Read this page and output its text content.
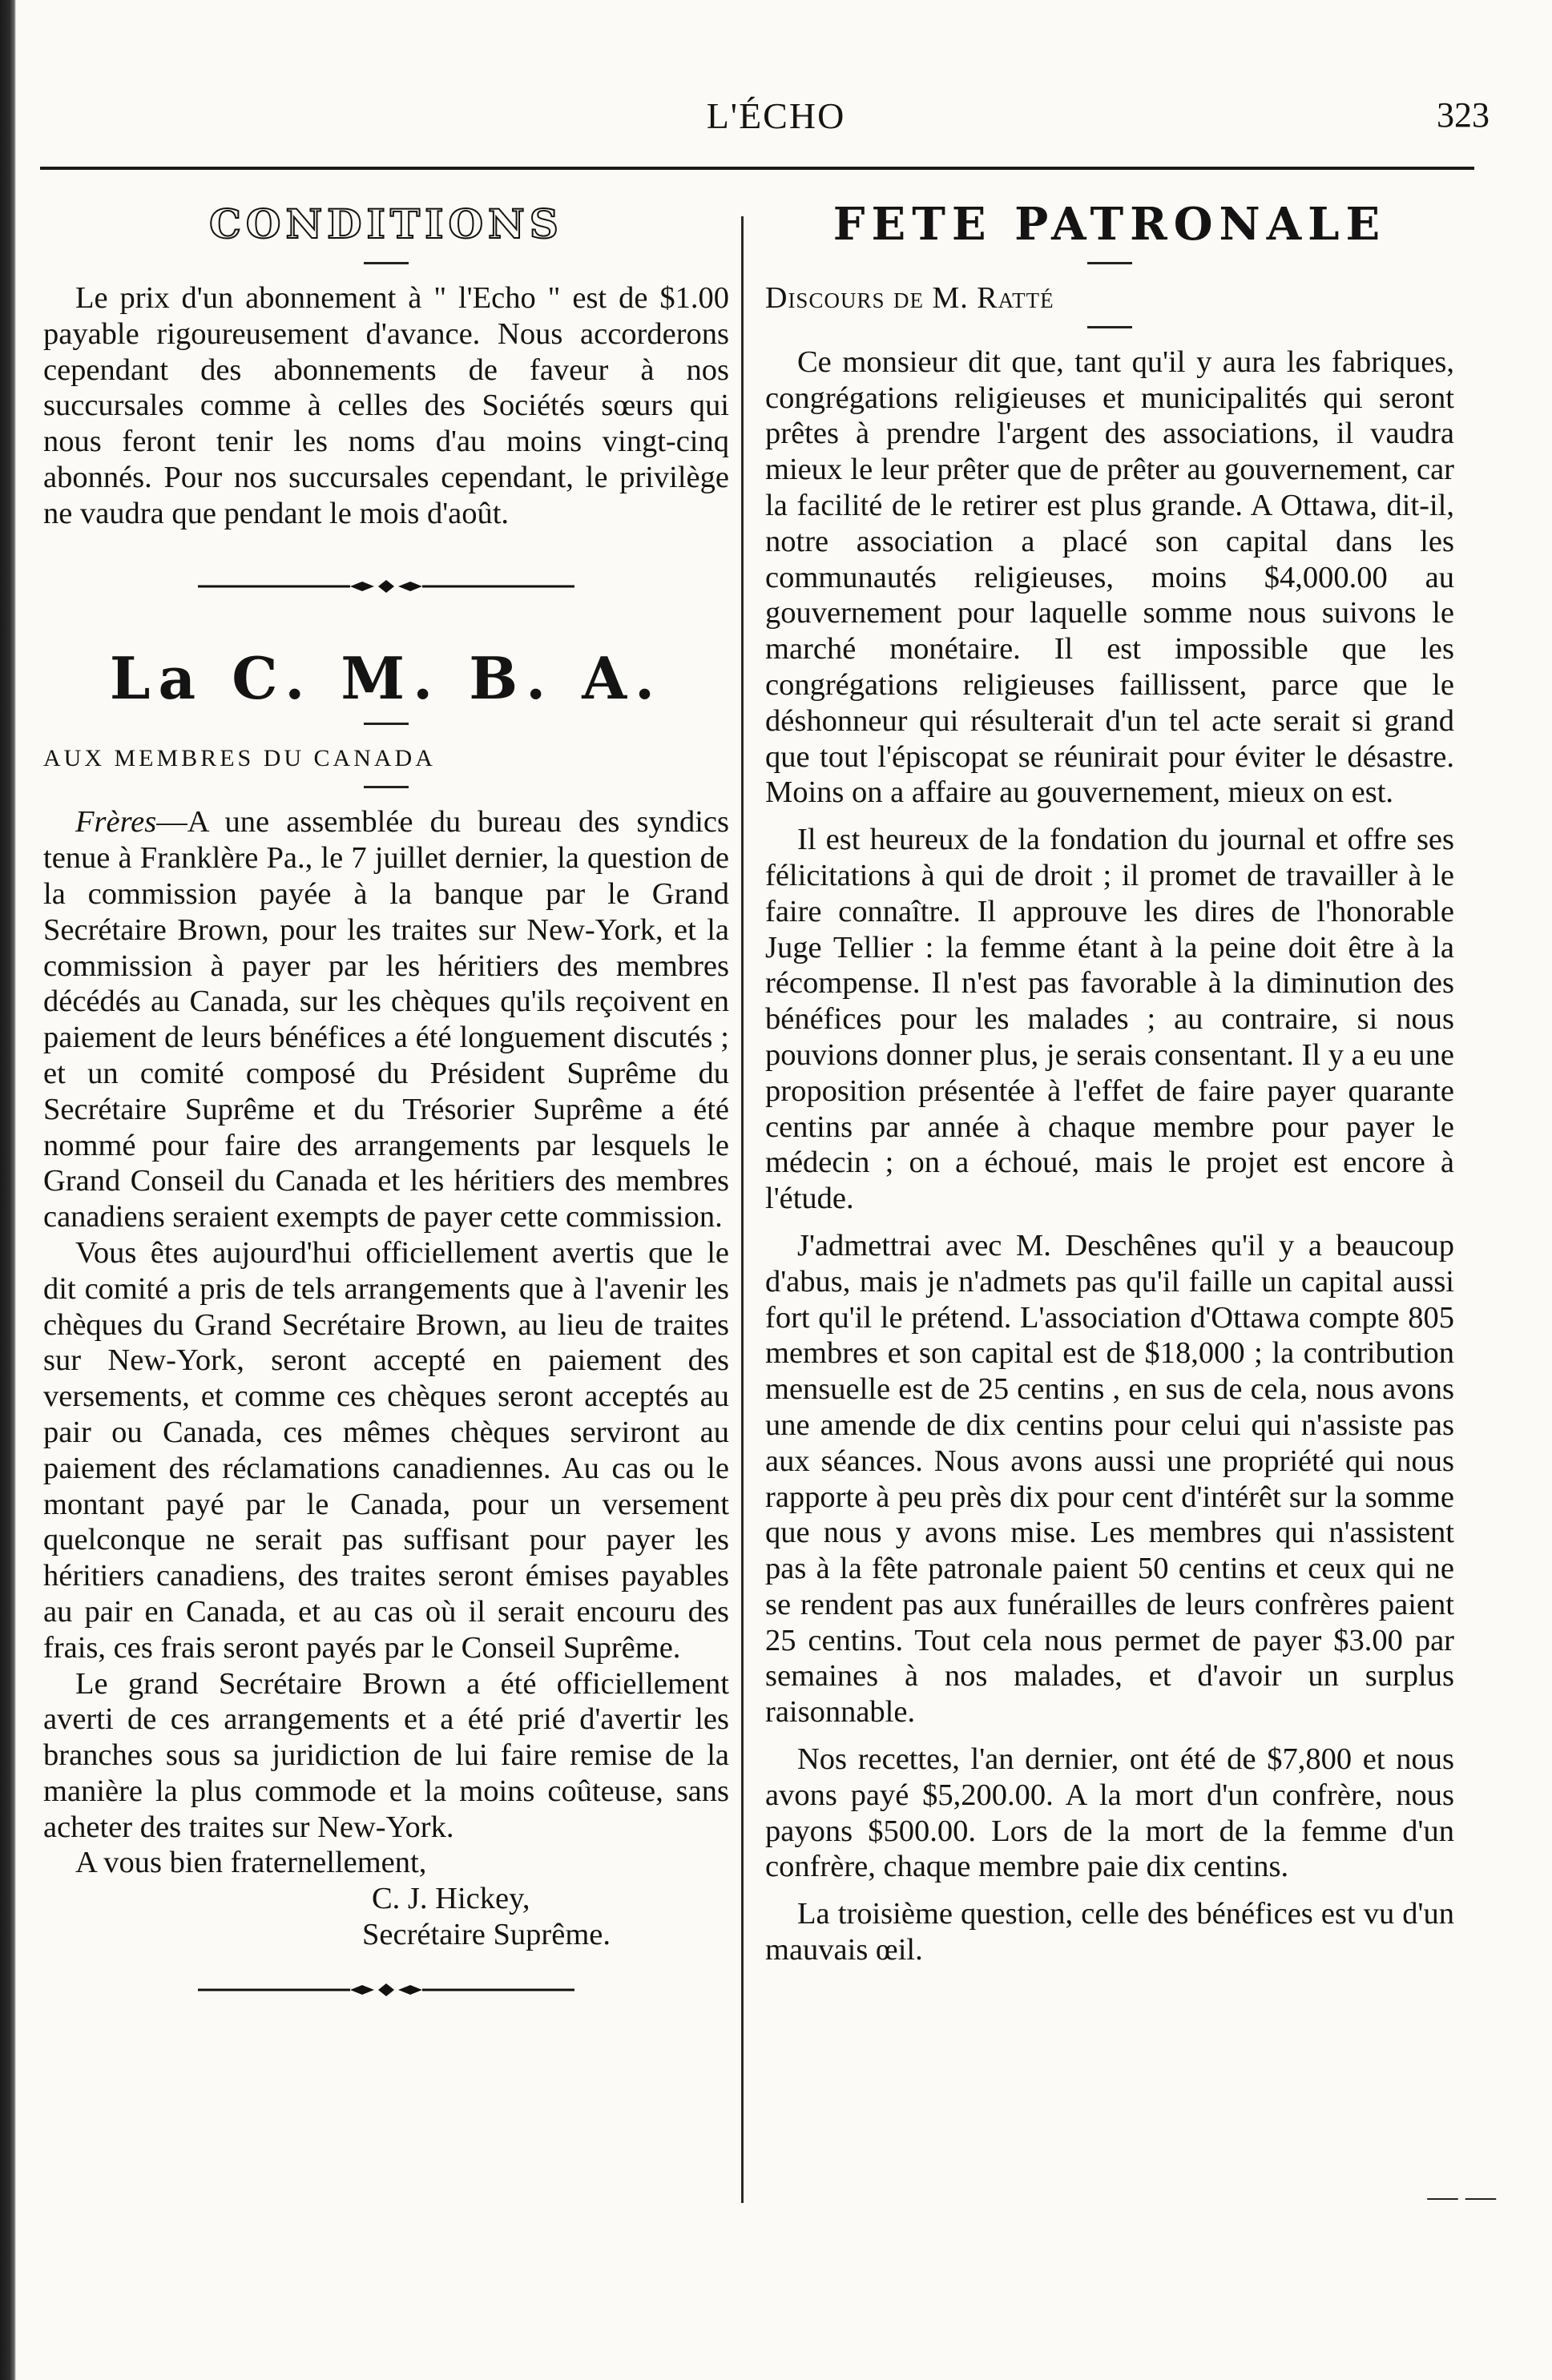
L'ÉCHO	323
CONDITIONS

Le prix d'un abonnement à " l'Echo " est de $1.00 payable rigoureusement d'avance. Nous accorderons cependant des abonnements de faveur à nos succursales comme à celles des Sociétés sœurs qui nous feront tenir les noms d'au moins vingt-cinq abonnés. Pour nos succursales cependant, le privilège ne vaudra que pendant le mois d'août.

La C. M. B. A.

AUX MEMBRES DU CANADA

Frères—A une assemblée du bureau des syndics tenue à Franklère Pa., le 7 juillet dernier, la question de la commission payée à la banque par le Grand Secrétaire Brown, pour les traites sur New-York, et la commission à payer par les héritiers des membres décédés au Canada, sur les chèques qu'ils reçoivent en paiement de leurs bénéfices a été longuement discutés ; et un comité composé du Président Suprême du Secrétaire Suprême et du Trésorier Suprême a été nommé pour faire des arrangements par lesquels le Grand Conseil du Canada et les héritiers des membres canadiens seraient exempts de payer cette commission.

Vous êtes aujourd'hui officiellement avertis que le dit comité a pris de tels arrangements que à l'avenir les chèques du Grand Secrétaire Brown, au lieu de traites sur New-York, seront accepté en paiement des versements, et comme ces chèques seront acceptés au pair ou Canada, ces mêmes chèques serviront au paiement des réclamations canadiennes. Au cas ou le montant payé par le Canada, pour un versement quelconque ne serait pas suffisant pour payer les héritiers canadiens, des traites seront émises payables au pair en Canada, et au cas où il serait encouru des frais, ces frais seront payés par le Conseil Suprême.

Le grand Secrétaire Brown a été officiellement averti de ces arrangements et a été prié d'avertir les branches sous sa juridiction de lui faire remise de la manière la plus commode et la moins coûteuse, sans acheter des traites sur New-York.

A vous bien fraternellement,

C. J. Hickey,

Secrétaire Suprême.

FETE PATRONALE

Discours de M. Ratté

Ce monsieur dit que, tant qu'il y aura les fabriques, congrégations religieuses et municipalités qui seront prêtes à prendre l'argent des associations, il vaudra mieux le leur prêter que de prêter au gouvernement, car la facilité de le retirer est plus grande. A Ottawa, dit-il, notre association a placé son capital dans les communautés religieuses, moins $4,000.00 au gouvernement pour laquelle somme nous suivons le marché monétaire. Il est impossible que les congrégations religieuses faillissent, parce que le déshonneur qui résulterait d'un tel acte serait si grand que tout l'épiscopat se réunirait pour éviter le désastre. Moins on a affaire au gouvernement, mieux on est.

Il est heureux de la fondation du journal et offre ses félicitations à qui de droit ; il promet de travailler à le faire connaître. Il approuve les dires de l'honorable Juge Tellier : la femme étant à la peine doit être à la récompense. Il n'est pas favorable à la diminution des bénéfices pour les malades ; au contraire, si nous pouvions donner plus, je serais consentant. Il y a eu une proposition présentée à l'effet de faire payer quarante centins par année à chaque membre pour payer le médecin ; on a échoué, mais le projet est encore à l'étude.

J'admettrai avec M. Deschênes qu'il y a beaucoup d'abus, mais je n'admets pas qu'il faille un capital aussi fort qu'il le prétend. L'association d'Ottawa compte 805 membres et son capital est de $18,000 ; la contribution mensuelle est de 25 centins , en sus de cela, nous avons une amende de dix centins pour celui qui n'assiste pas aux séances. Nous avons aussi une propriété qui nous rapporte à peu près dix pour cent d'intérêt sur la somme que nous y avons mise. Les membres qui n'assistent pas à la fête patronale paient 50 centins et ceux qui ne se rendent pas aux funérailles de leurs confrères paient 25 centins. Tout cela nous permet de payer $3.00 par semaines à nos malades, et d'avoir un surplus raisonnable.

Nos recettes, l'an dernier, ont été de $7,800 et nous avons payé $5,200.00. A la mort d'un confrère, nous payons $500.00. Lors de la mort de la femme d'un confrère, chaque membre paie dix centins.

La troisième question, celle des bénéfices est vu d'un mauvais œil.

— —
